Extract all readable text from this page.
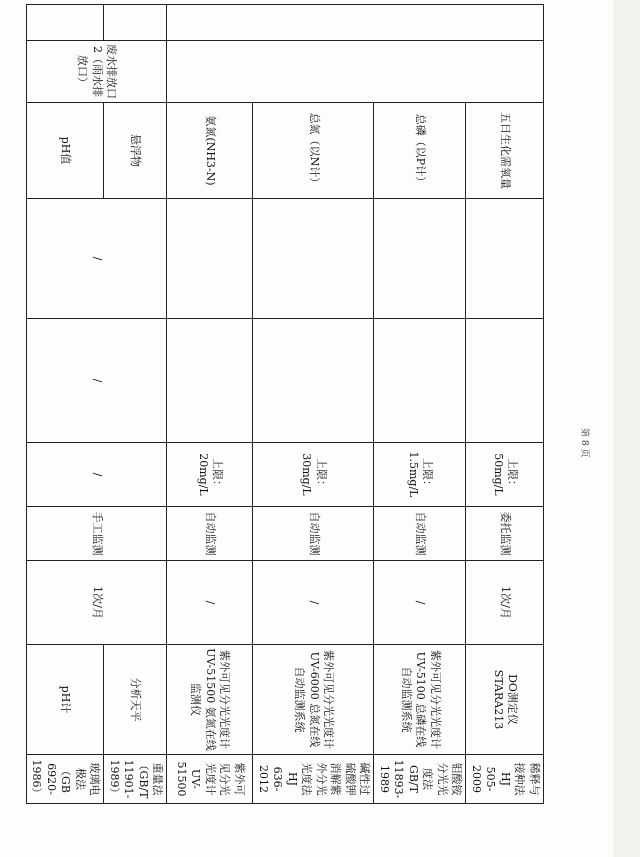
		五日生化需氧量			上限：50mg/L	委托监测	1次/月	DO测定仪STARA213	稀释与接种法 HJ 505-2009
		总磷（以P计）			上限：1.5mg/L	自动监测	/	紫外可见分光光度计 UV-5100 总磷在线自动监测系统	钼酸铵分光光度法 GB/T 11893-1989
		总氮（以N计）			上限：30mg/L	自动监测	/	紫外可见分光光度计 UV-6000 总氮在线自动监测系统	碱性过硫酸钾消解紫外分光光度法 HJ 636-2012
		氨氮(NH3-N)			上限：20mg/L	自动监测	/	紫外可见分光光度计 UV-51500 氨氮在线监测仪	紫外可见分光光度计 UV-51500
	废水排放口2（雨水排放口）	悬浮物	/	/	/	手工监测	1次/月	分析天平	重量法（GB/T 11901-1989）
		pH值						pH计	玻璃电极法（GB 6920-1986）
第 8 页
